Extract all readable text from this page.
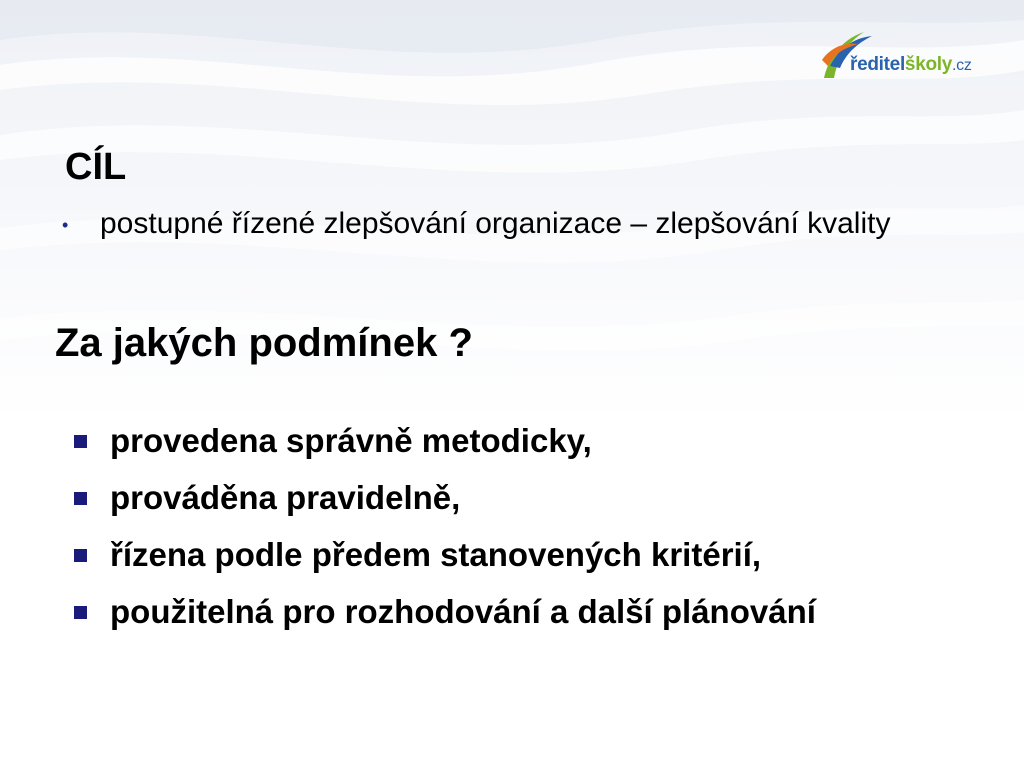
ředitelškoly.cz
CÍL
• postupné řízené zlepšování organizace – zlepšování kvality
Za jakých podmínek ?
provedena správně metodicky,
prováděna pravidelně,
řízena podle předem stanovených kritérií,
použitelná pro rozhodování a další plánování
